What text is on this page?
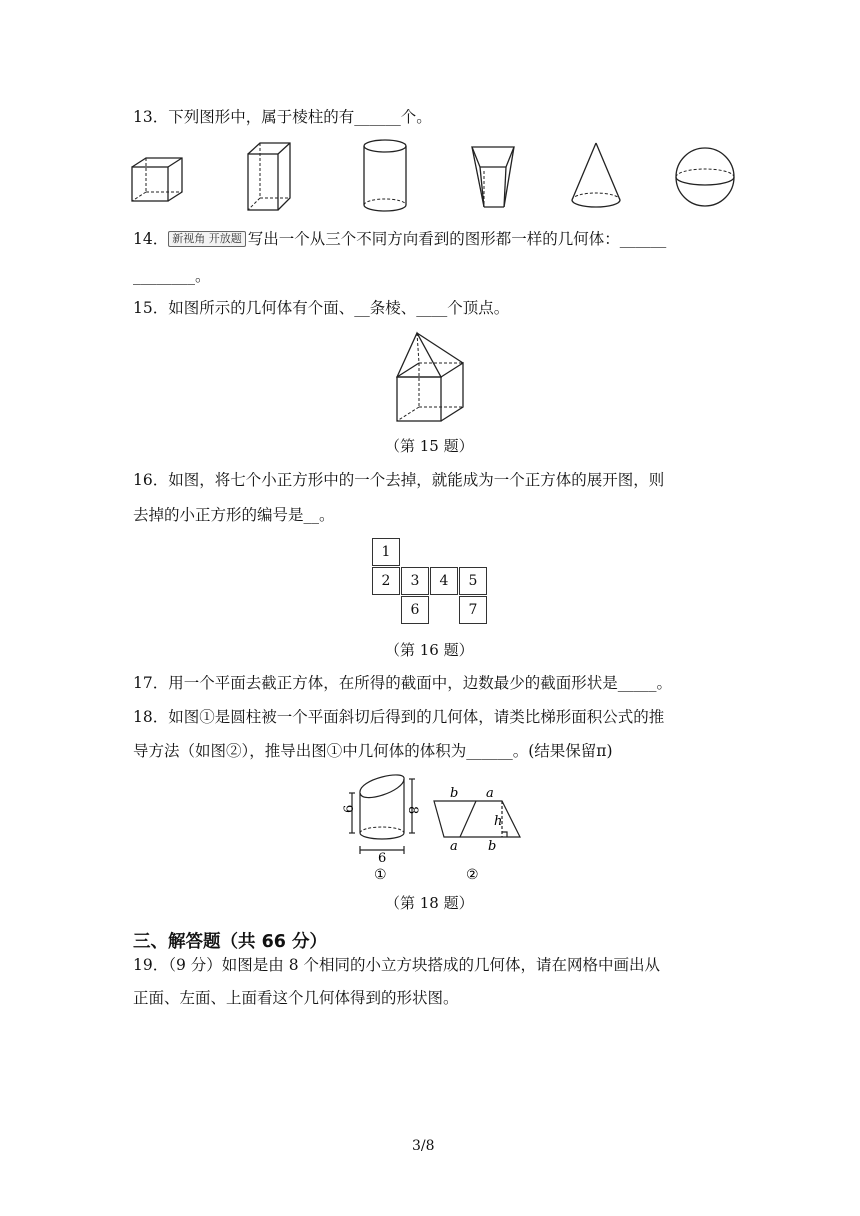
13．下列图形中，属于棱柱的有______个。
14． 新视角 开放题 写出一个从三个不同方向看到的图形都一样的几何体：______
________。
15．如图所示的几何体有个面、__条棱、____个顶点。
（第 15 题）
16．如图，将七个小正方形中的一个去掉，就能成为一个正方体的展开图，则
去掉的小正方形的编号是__。
1
2	3	4	5
6	7
（第 16 题）
17．用一个平面去截正方体，在所得的截面中，边数最少的截面形状是_____。
18．如图①是圆柱被一个平面斜切后得到的几何体，请类比梯形面积公式的推
导方法（如图②），推导出图①中几何体的体积为______。(结果保留π)
6	8
6
①
b a
h
a b
②
（第 18 题）
三、解答题（共 66 分）
19．（9 分）如图是由 8 个相同的小立方块搭成的几何体，请在网格中画出从
正面、左面、上面看这个几何体得到的形状图。
3/8
